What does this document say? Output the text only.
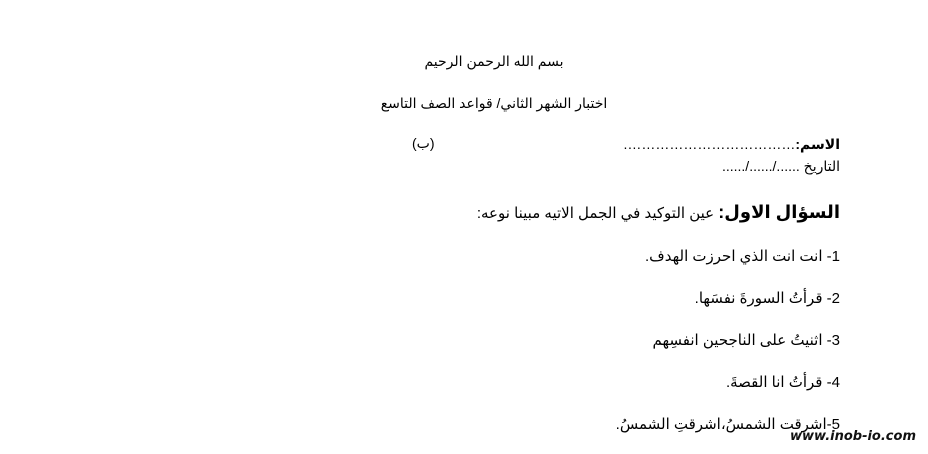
بسم الله الرحمن الرحيم
اختبار الشهر الثاني/ قواعد الصف التاسع
الاسم:……………………………….
(ب)
التاريخ ....../....../......
السؤال الاول: عين التوكيد في الجمل الاتيه مبينا نوعه:
1- انت انت الذي احرزت الهدف.
2- قرأتُ السورةَ نفسَها.
3- اثنيتُ على الناجحين انفسِهم
4- قرأتُ انا القصةَ.
5-اشرقت الشمسُ،اشرقتِ الشمسُ.
www.inob-io.com
